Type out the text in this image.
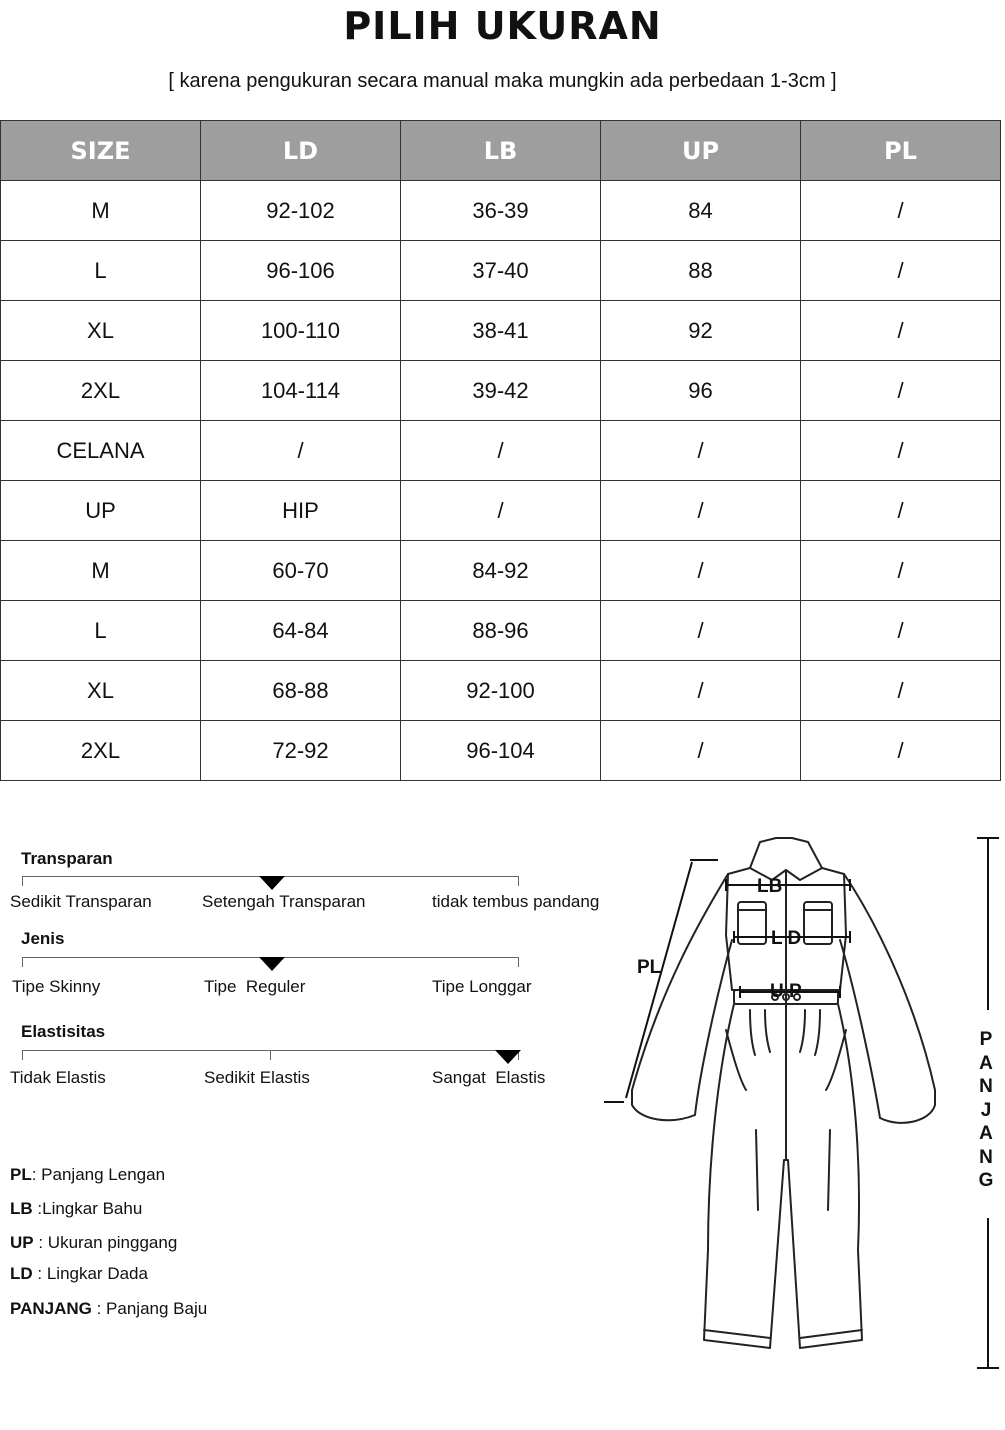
PILIH UKURAN
[ karena pengukuran secara manual maka mungkin ada perbedaan 1-3cm ]
SIZE	LD	LB	UP	PL
M	92-102	36-39	84	/
L	96-106	37-40	88	/
XL	100-110	38-41	92	/
2XL	104-114	39-42	96	/
CELANA	/	/	/	/
UP	HIP	/	/	/
M	60-70	84-92	/	/
L	64-84	88-96	/	/
XL	68-88	92-100	/	/
2XL	72-92	96-104	/	/
Transparan
Sedikit Transparan	Setengah Transparan	tidak tembus pandang
Jenis
Tipe Skinny	Tipe  Reguler	Tipe Longgar
Elastisitas
Tidak Elastis	Sedikit Elastis	Sangat  Elastis
PL: Panjang Lengan
LB :Lingkar Bahu
UP : Ukuran pinggang
LD : Lingkar Dada
PANJANG : Panjang Baju
LB
L D
U P
PL
P
A
N
J
A
N
G
